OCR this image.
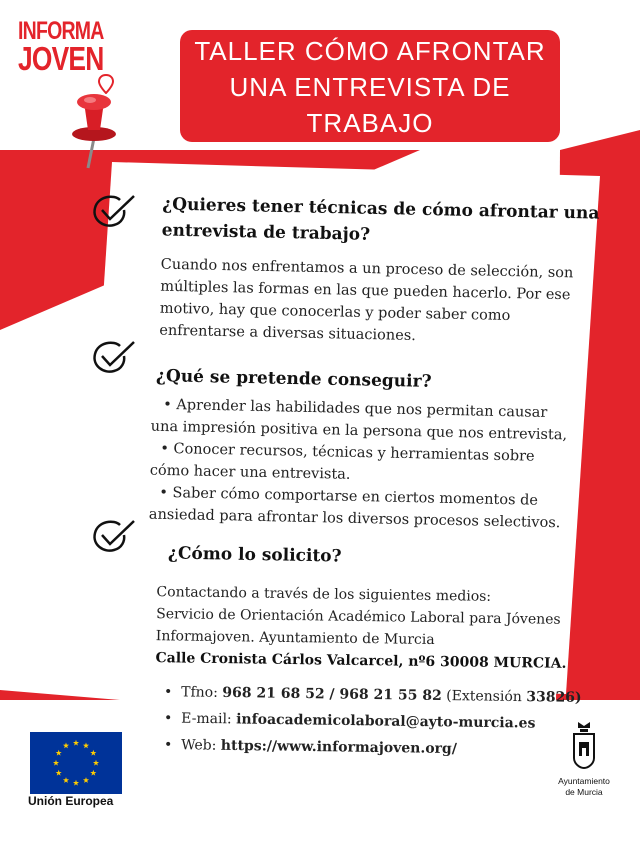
INFORMA
JOVEN	TALLER CÓMO AFRONTAR
UNA ENTREVISTA DE
TRABAJO
¿Quieres tener técnicas de cómo afrontar una
entrevista de trabajo?
Cuando nos enfrentamos a un proceso de selección, son
múltiples las formas en las que pueden hacerlo. Por ese
motivo, hay que conocerlas y poder saber como
enfrentarse a diversas situaciones.
¿Qué se pretende conseguir?
• Aprender las habilidades que nos permitan causar
una impresión positiva en la persona que nos entrevista,
• Conocer recursos, técnicas y herramientas sobre
cómo hacer una entrevista.
• Saber cómo comportarse en ciertos momentos de
ansiedad para afrontar los diversos procesos selectivos.
¿Cómo lo solicito?
Contactando a través de los siguientes medios:
Servicio de Orientación Académico Laboral para Jóvenes
Informajoven. Ayuntamiento de Murcia
Calle Cronista Cárlos Valcarcel, nº6 30008 MURCIA.
• Tfno: 968 21 68 52 / 968 21 55 82 (Extensión 33826)
• E-mail: infoacademicolaboral@ayto-murcia.es
• Web: https://www.informajoven.org/
Unión Europea
Ayuntamiento
de Murcia
